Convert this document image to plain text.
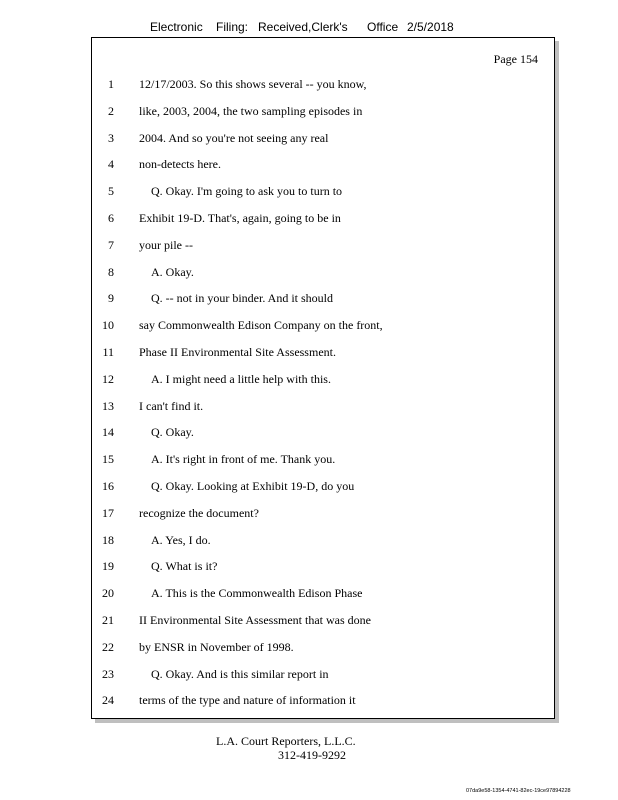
Electronic Filing: Received,Clerk's Office 2/5/2018
Page 154
1
2
3
4
5
6
7
8
9
10
11
12
13
14
15
16
17
18
19
20
21
22
23
24
12/17/2003. So this shows several -- you know,
like, 2003, 2004, the two sampling episodes in
2004. And so you're not seeing any real
non-detects here.
Q. Okay. I'm going to ask you to turn to
Exhibit 19-D. That's, again, going to be in
your pile --
A. Okay.
Q. -- not in your binder. And it should
say Commonwealth Edison Company on the front,
Phase II Environmental Site Assessment.
A. I might need a little help with this.
I can't find it.
Q. Okay.
A. It's right in front of me. Thank you.
Q. Okay. Looking at Exhibit 19-D, do you
recognize the document?
A. Yes, I do.
Q. What is it?
A. This is the Commonwealth Edison Phase
II Environmental Site Assessment that was done
by ENSR in November of 1998.
Q. Okay. And is this similar report in
terms of the type and nature of information it
L.A. Court Reporters, L.L.C.
312-419-9292
07da9e58-1354-4741-82ec-19ce97894228
